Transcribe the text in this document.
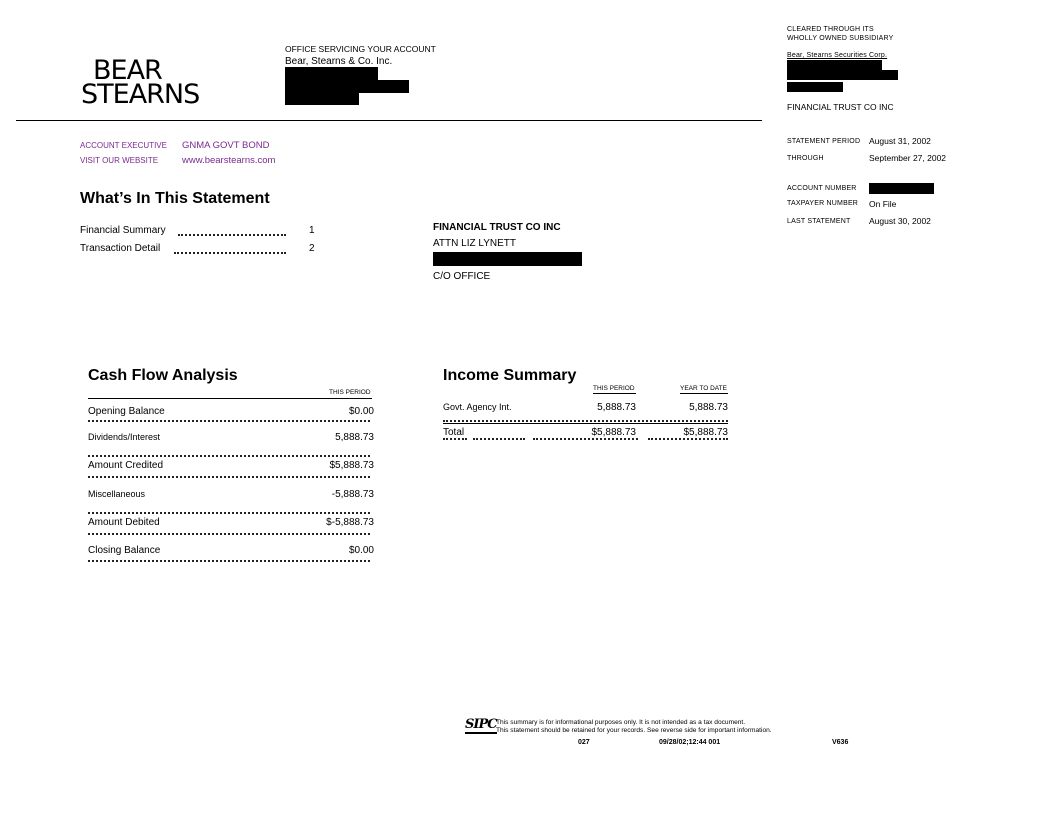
BEAR
STEARNS
OFFICE SERVICING YOUR ACCOUNT
Bear, Stearns & Co. Inc.
CLEARED THROUGH ITS
WHOLLY OWNED SUBSIDIARY
Bear, Stearns Securities Corp.
FINANCIAL TRUST CO INC
ACCOUNT EXECUTIVE GNMA GOVT BOND
VISIT OUR WEBSITE	www.bearstearns.com
STATEMENT PERIOD August 31, 2002
THROUGH	September 27, 2002
ACCOUNT NUMBER
TAXPAYER NUMBER On File
LAST STATEMENT August 30, 2002
What’s In This Statement
Financial Summary	1
Transaction Detail	2
FINANCIAL TRUST CO INC
ATTN LIZ LYNETT
C/O OFFICE
Cash Flow Analysis
THIS PERIOD
Opening Balance	$0.00
Dividends/Interest	5,888.73
Amount Credited	$5,888.73
Miscellaneous	-5,888.73
Amount Debited	$-5,888.73
Closing Balance	$0.00
Income Summary
THIS PERIOD	YEAR TO DATE
Govt. Agency Int.	5,888.73	5,888.73
Total	$5,888.73	$5,888.73
SIPC This summary is for informational purposes only. It is not intended as a tax document.
This statement should be retained for your records. See reverse side for important information.
027	09/28/02;12:44 001	V636
